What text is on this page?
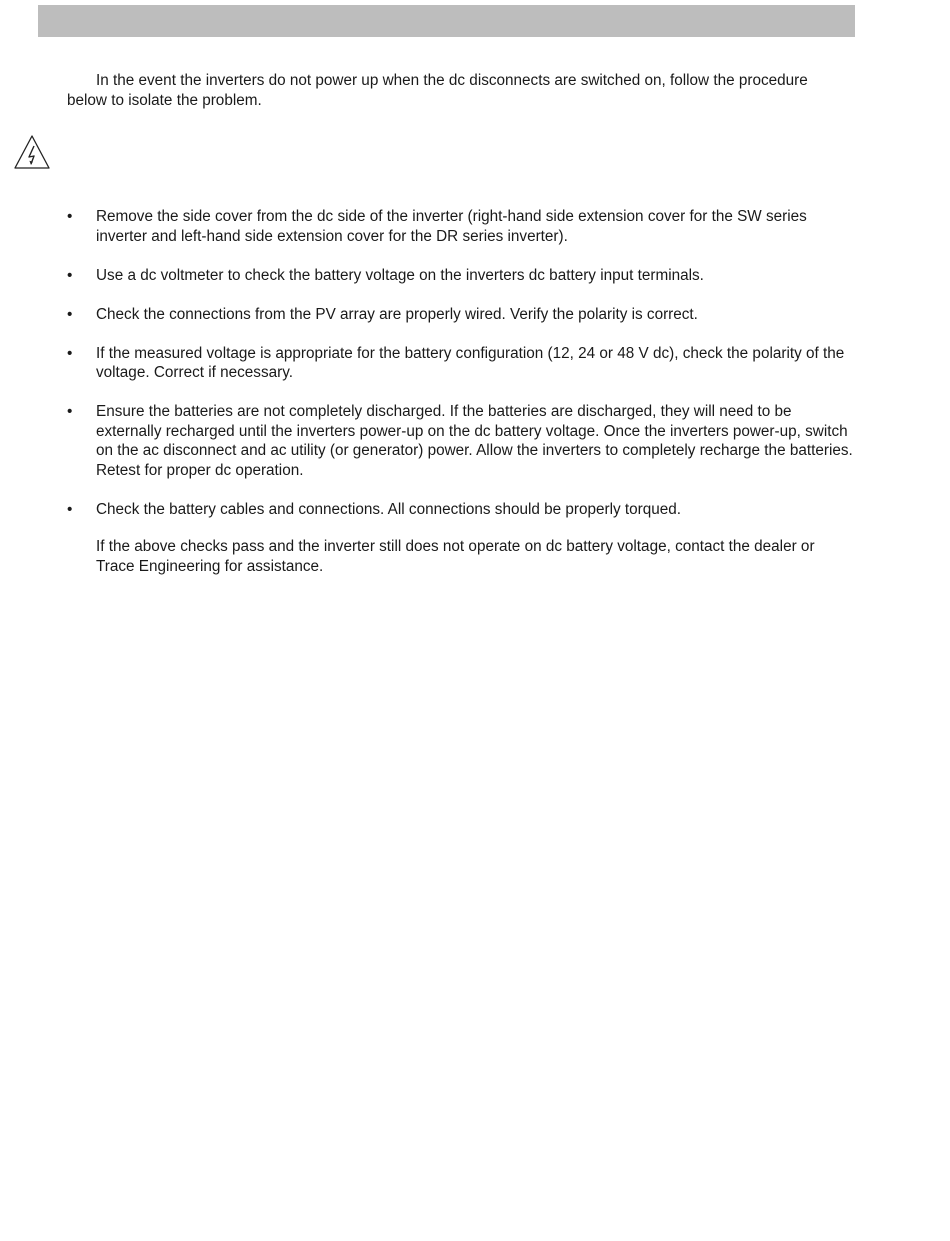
In the event the inverters do not power up when the dc disconnects are switched on, follow the procedure below to isolate the problem.

• Remove the side cover from the dc side of the inverter (right-hand side extension cover for the SW series inverter and left-hand side extension cover for the DR series inverter).
• Use a dc voltmeter to check the battery voltage on the inverters dc battery input terminals.
• Check the connections from the PV array are properly wired. Verify the polarity is correct.
• If the measured voltage is appropriate for the battery configuration (12, 24 or 48 V dc), check the polarity of the voltage. Correct if necessary.
• Ensure the batteries are not completely discharged. If the batteries are discharged, they will need to be externally recharged until the inverters power-up on the dc battery voltage. Once the inverters power-up, switch on the ac disconnect and ac utility (or generator) power. Allow the inverters to completely recharge the batteries. Retest for proper dc operation.
• Check the battery cables and connections. All connections should be properly torqued.

If the above checks pass and the inverter still does not operate on dc battery voltage, contact the dealer or Trace Engineering for assistance.
